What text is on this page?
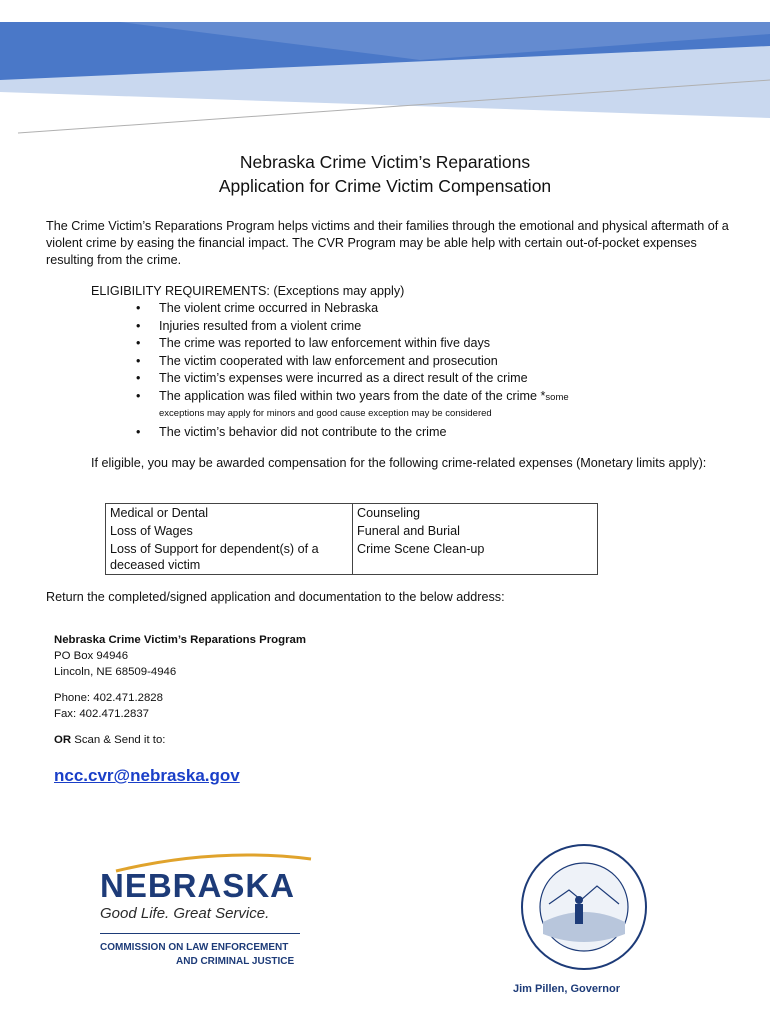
Nebraska Crime Victim’s Reparations
Application for Crime Victim Compensation
The Crime Victim’s Reparations Program helps victims and their families through the emotional and physical aftermath of a violent crime by easing the financial impact. The CVR Program may be able help with certain out-of-pocket expenses resulting from the crime.
ELIGIBILITY REQUIREMENTS: (Exceptions may apply)
• The violent crime occurred in Nebraska
• Injuries resulted from a violent crime
• The crime was reported to law enforcement within five days
• The victim cooperated with law enforcement and prosecution
• The victim’s expenses were incurred as a direct result of the crime
• The application was filed within two years from the date of the crime *some
exceptions may apply for minors and good cause exception may be considered
• The victim’s behavior did not contribute to the crime
If eligible, you may be awarded compensation for the following crime-related expenses (Monetary limits apply):
Medical or Dental	Counseling
Loss of Wages	Funeral and Burial
Loss of Support for dependent(s) of a deceased victim	Crime Scene Clean-up
Return the completed/signed application and documentation to the below address:

Nebraska Crime Victim’s Reparations Program

PO Box 94946

Lincoln, NE 68509-4946

Phone: 402.471.2828

Fax: 402.471.2837

OR Scan & Send it to:

ncc.cvr@nebraska.gov
NEBRASKA
Good Life. Great Service.
COMMISSION ON LAW ENFORCEMENT
AND CRIMINAL JUSTICE
Jim Pillen, Governor
